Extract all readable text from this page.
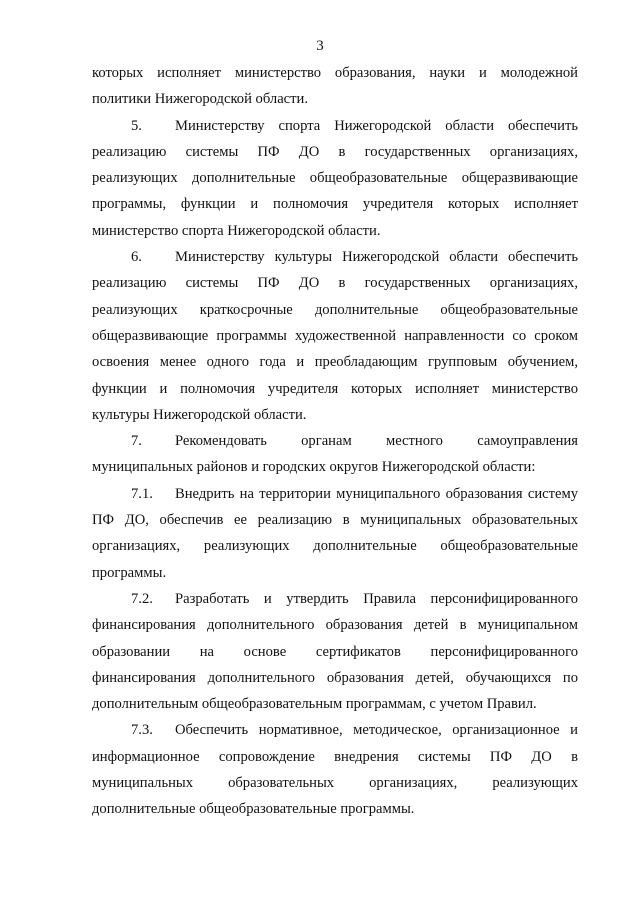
3
которых исполняет министерство образования, науки и молодежной
политики Нижегородской области.
5.	Министерству спорта Нижегородской области обеспечить
реализацию системы ПФ ДО в государственных организациях,
реализующих дополнительные общеобразовательные общеразвивающие
программы, функции и полномочия учредителя которых исполняет
министерство спорта Нижегородской области.
6.	Министерству культуры Нижегородской области обеспечить
реализацию системы ПФ ДО в государственных организациях,
реализующих краткосрочные дополнительные общеобразовательные
общеразвивающие программы художественной направленности со сроком
освоения менее одного года и преобладающим групповым обучением,
функции и полномочия учредителя которых исполняет министерство
культуры Нижегородской области.
7.	Рекомендовать органам местного самоуправления
муниципальных районов и городских округов Нижегородской области:
7.1.	Внедрить на территории муниципального образования систему
ПФ ДО, обеспечив ее реализацию в муниципальных образовательных
организациях, реализующих дополнительные общеобразовательные
программы.
7.2.	Разработать и утвердить Правила персонифицированного
финансирования дополнительного образования детей в муниципальном
образовании на основе сертификатов персонифицированного
финансирования дополнительного образования детей, обучающихся по
дополнительным общеобразовательным программам, с учетом Правил.
7.3.	Обеспечить нормативное, методическое, организационное и
информационное сопровождение внедрения системы ПФ ДО в
муниципальных образовательных организациях, реализующих
дополнительные общеобразовательные программы.
